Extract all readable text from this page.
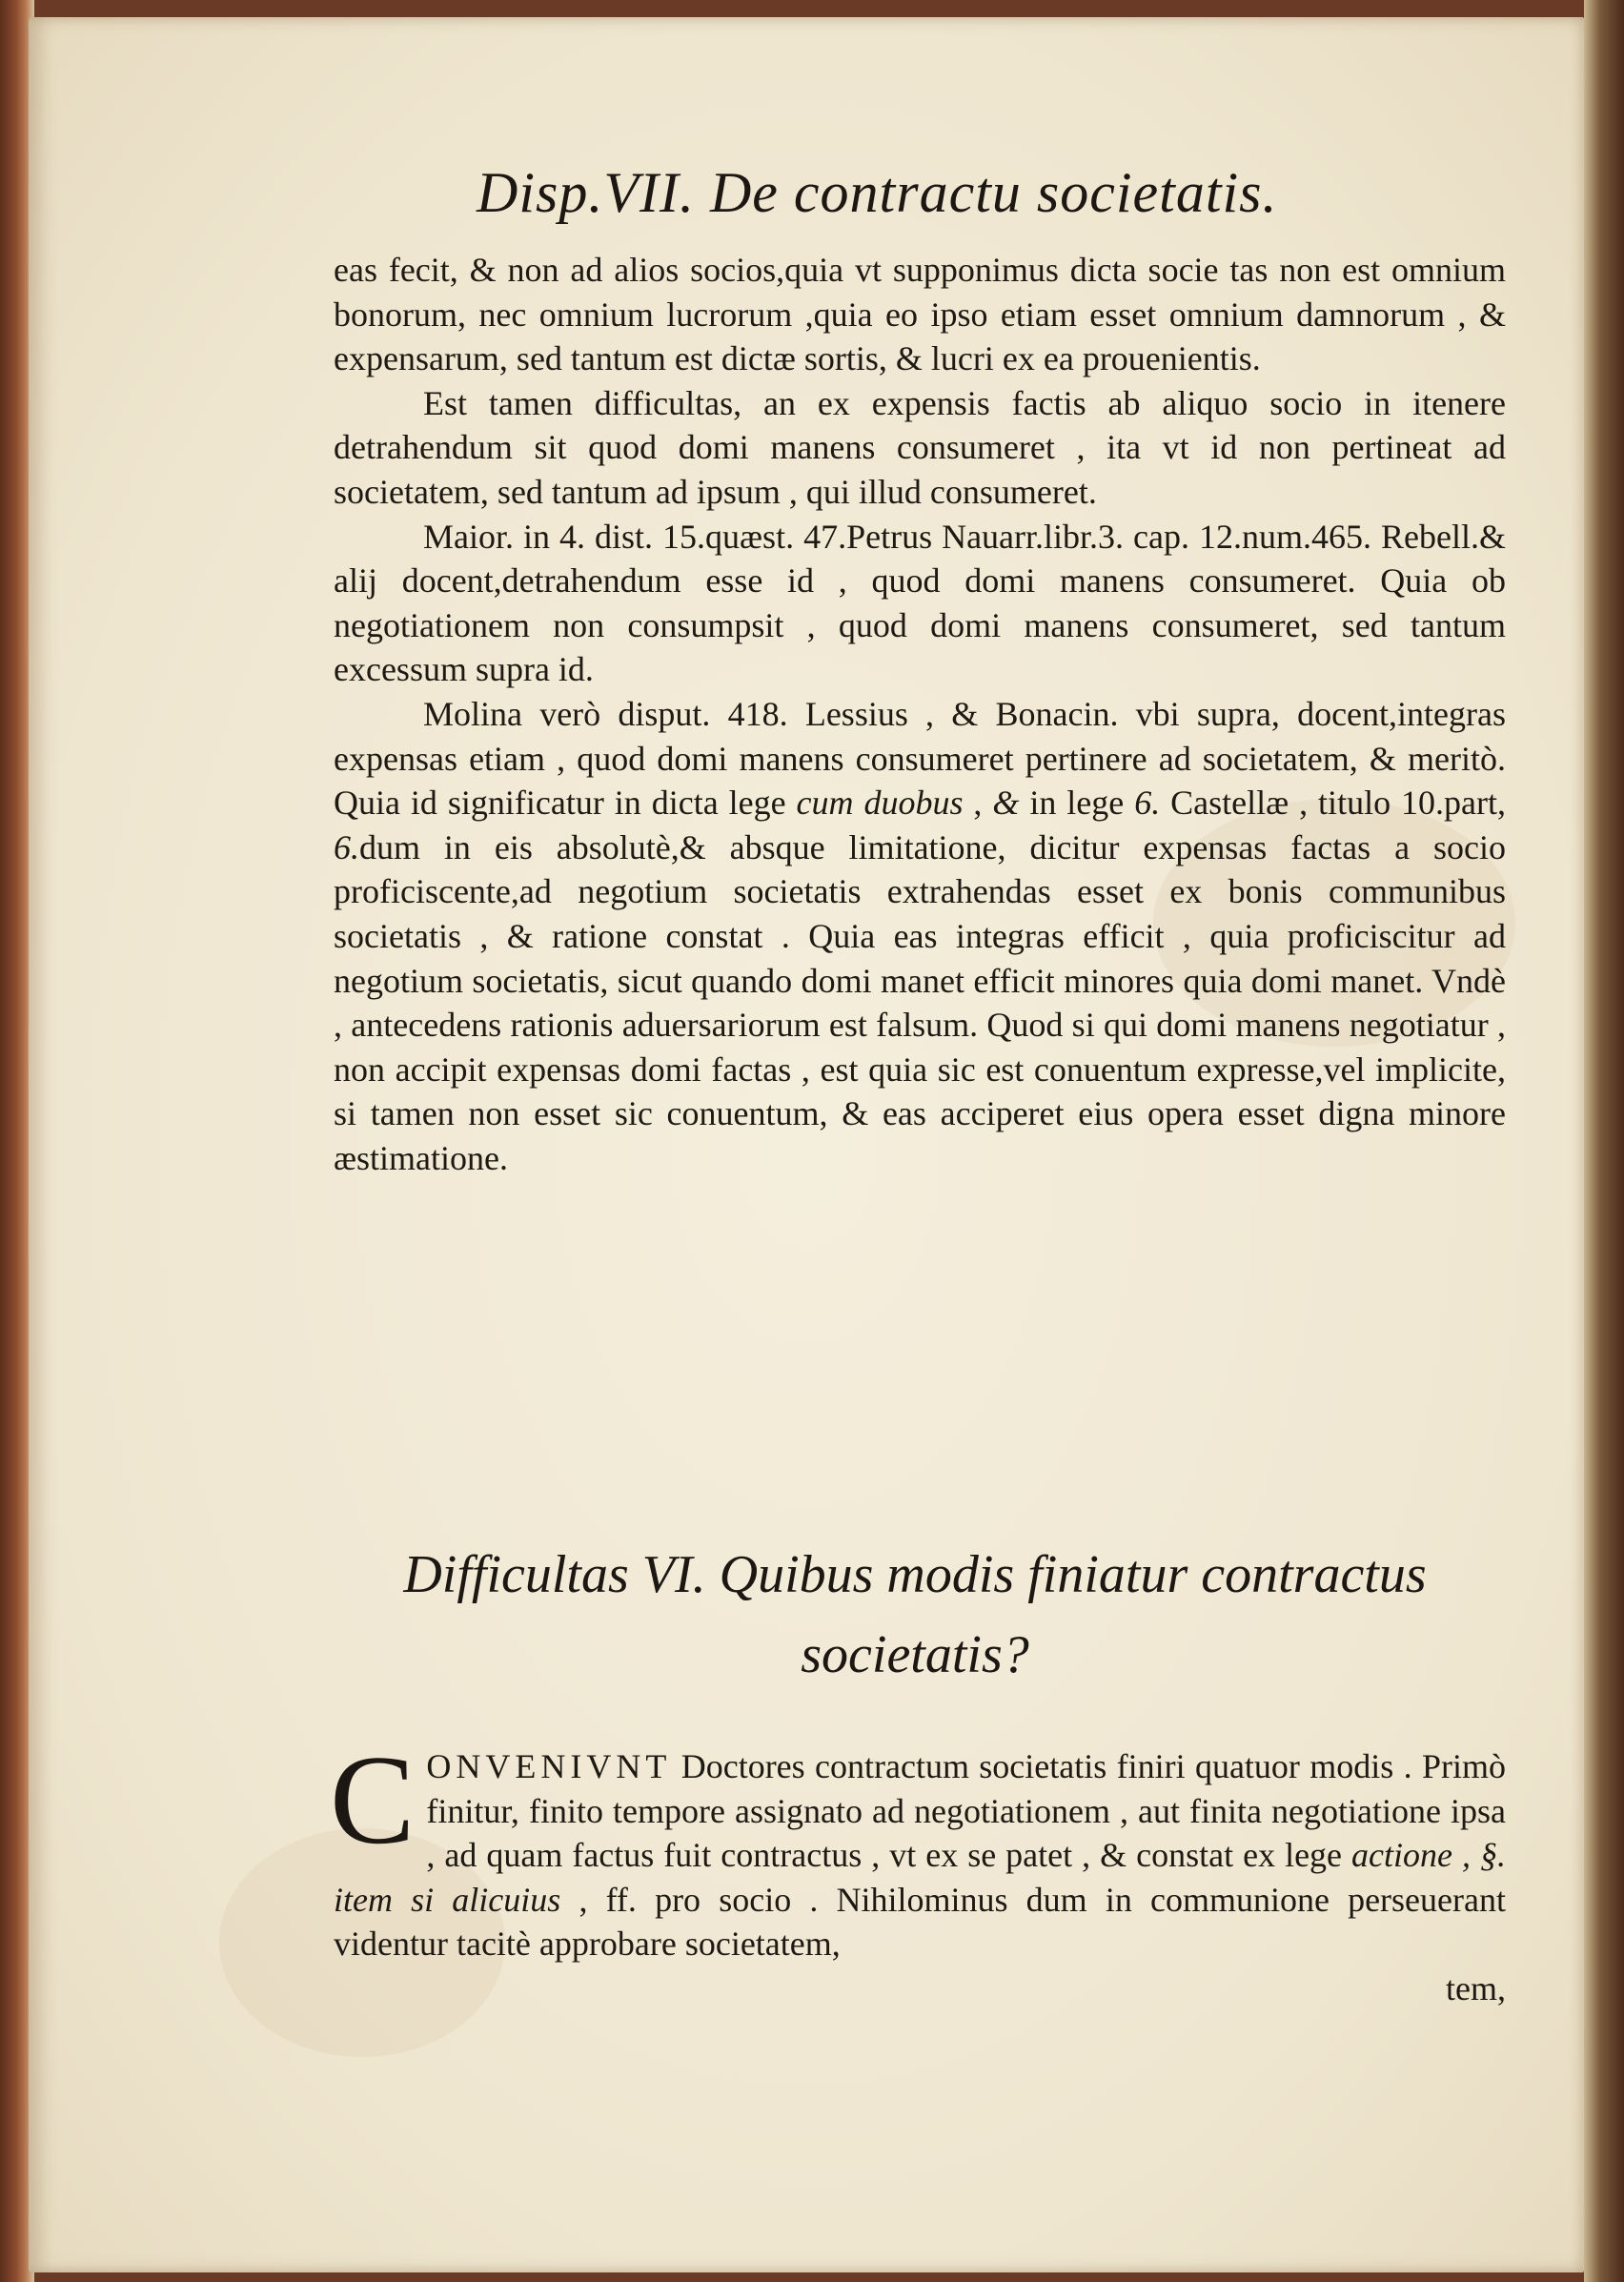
Disp.VII. De contractu societatis.

eas fecit, & non ad alios socios,quia vt supponimus dicta socie tas non est omnium bonorum, nec omnium lucrorum ,quia eo ipso etiam esset omnium damnorum , & expensarum, sed tantum est dictæ sortis, & lucri ex ea prouenientis.

Est tamen difficultas, an ex expensis factis ab aliquo socio in itenere detrahendum sit quod domi manens consumeret , ita vt id non pertineat ad societatem, sed tantum ad ipsum , qui illud consumeret.

Maior. in 4. dist. 15.quæst. 47.Petrus Nauarr.libr.3. cap. 12.num.465. Rebell.& alij docent,detrahendum esse id , quod domi manens consumeret. Quia ob negotiationem non consumpsit , quod domi manens consumeret, sed tantum excessum supra id.

Molina verò disput. 418. Lessius , & Bonacin. vbi supra, docent,integras expensas etiam , quod domi manens consumeret pertinere ad societatem, & meritò. Quia id significatur in dicta lege cum duobus , & in lege 6. Castellæ , titulo 10.part, 6.dum in eis absolutè,& absque limitatione, dicitur expensas factas a socio proficiscente,ad negotium societatis extrahendas esset ex bonis communibus societatis , & ratione constat . Quia eas integras efficit , quia proficiscitur ad negotium societatis, sicut quando domi manet efficit minores quia domi manet. Vndè , antecedens rationis aduersariorum est falsum. Quod si qui domi manens negotiatur , non accipit expensas domi factas , est quia sic est conuentum expresse,vel implicite, si tamen non esset sic conuentum, & eas acciperet eius opera esset digna minore æstimatione.

Difficultas VI. Quibus modis finiatur contractus
societatis?

CONVENIVNT Doctores contractum societatis finiri quatuor modis . Primò finitur, finito tempore assignato ad negotiationem , aut finita negotiatione ipsa , ad quam factus fuit contractus , vt ex se patet , & constat ex lege actione , §. item si alicuius , ff. pro socio . Nihilominus dum in communione perseuerant videntur tacitè approbare societatem,

tem,
